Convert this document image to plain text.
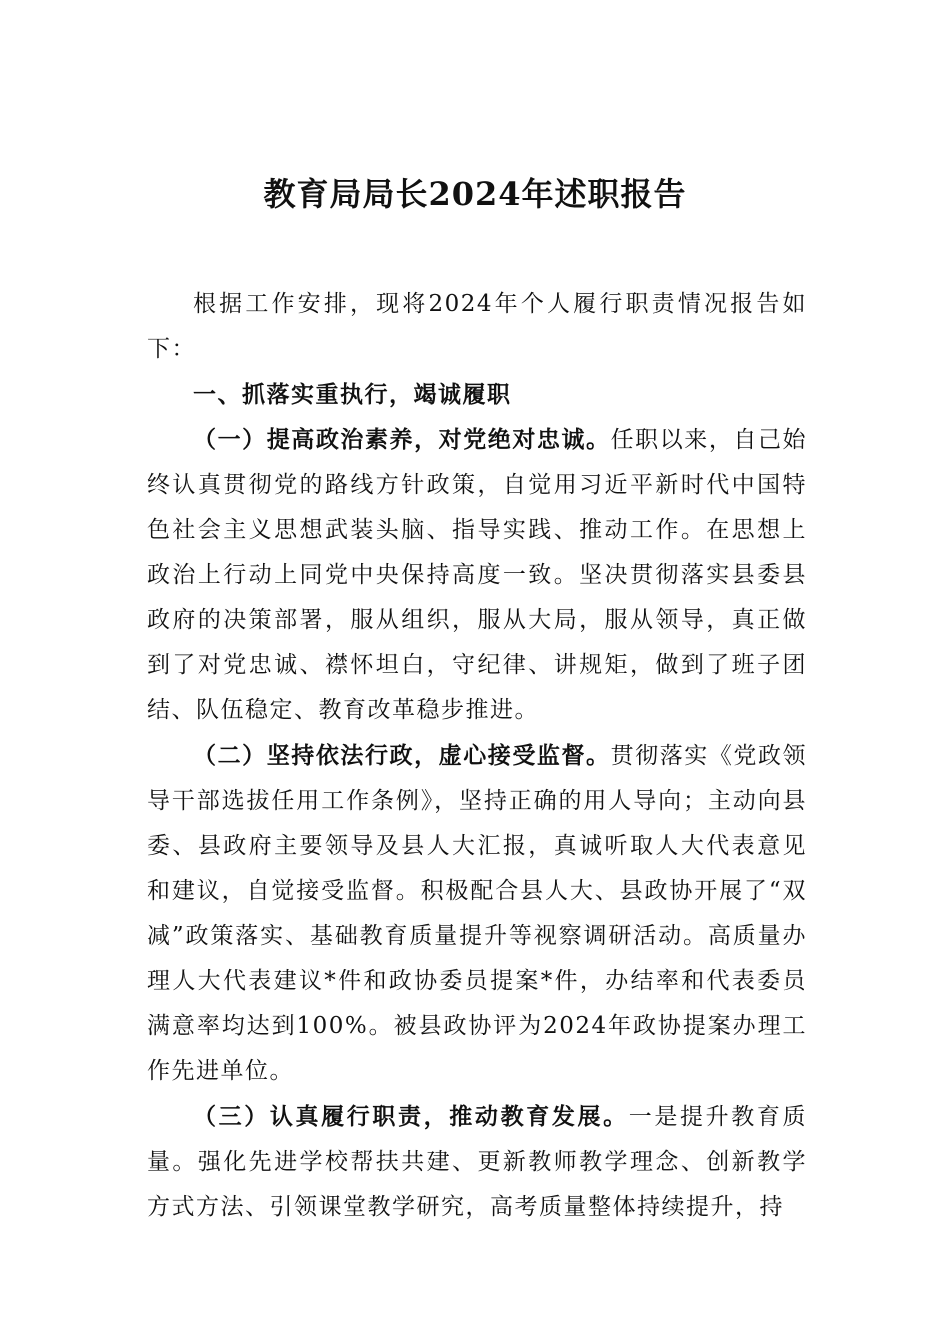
教育局局长2024年述职报告

根据工作安排，现将2024年个人履行职责情况报告如下：

一、抓落实重执行，竭诚履职

（一）提高政治素养，对党绝对忠诚。任职以来，自己始终认真贯彻党的路线方针政策，自觉用习近平新时代中国特色社会主义思想武装头脑、指导实践、推动工作。在思想上政治上行动上同党中央保持高度一致。坚决贯彻落实县委县政府的决策部署，服从组织，服从大局，服从领导，真正做到了对党忠诚、襟怀坦白，守纪律、讲规矩，做到了班子团结、队伍稳定、教育改革稳步推进。

（二）坚持依法行政，虚心接受监督。贯彻落实《党政领导干部选拔任用工作条例》，坚持正确的用人导向；主动向县委、县政府主要领导及县人大汇报，真诚听取人大代表意见和建议，自觉接受监督。积极配合县人大、县政协开展了“双减”政策落实、基础教育质量提升等视察调研活动。高质量办理人大代表建议*件和政协委员提案*件，办结率和代表委员满意率均达到100%。被县政协评为2024年政协提案办理工作先进单位。

（三）认真履行职责，推动教育发展。一是提升教育质量。强化先进学校帮扶共建、更新教师教学理念、创新教学方式方法、引领课堂教学研究，高考质量整体持续提升，持
